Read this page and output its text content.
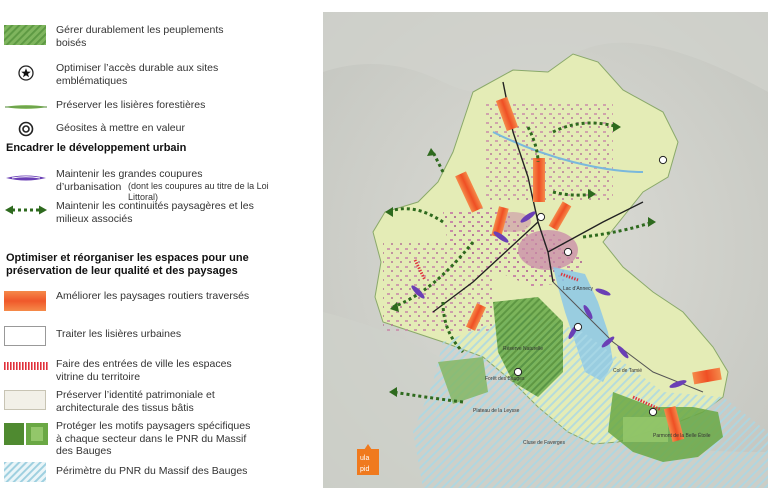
Gérer durablement les peuplements boisés
Optimiser l’accès durable aux sites emblématiques
Préserver les lisières forestières
Géosites à mettre en valeur
Encadrer le développement urbain
Maintenir les grandes coupures
d’urbanisation (dont les coupures au titre de la Loi Littoral)
Maintenir les continuités paysagères et les milieux associés
Optimiser et réorganiser les espaces pour une préservation de leur qualité et des paysages
Améliorer les paysages routiers traversés
Traiter les lisières urbaines
Faire des entrées de ville les espaces vitrine du territoire
Préserver l’identité patrimoniale et architecturale des tissus bâtis
Protéger les motifs paysagers spécifiques à chaque secteur dans le PNR du Massif des Bauges
Périmètre du PNR du Massif des Bauges
Lac d’Annecy
Réserve Naturelle
Forêt des Bauges
Plateau de la Leysse
Parmont de la Belle Étoile
Col de Tamié
Cluse de Faverges
ula
pid
